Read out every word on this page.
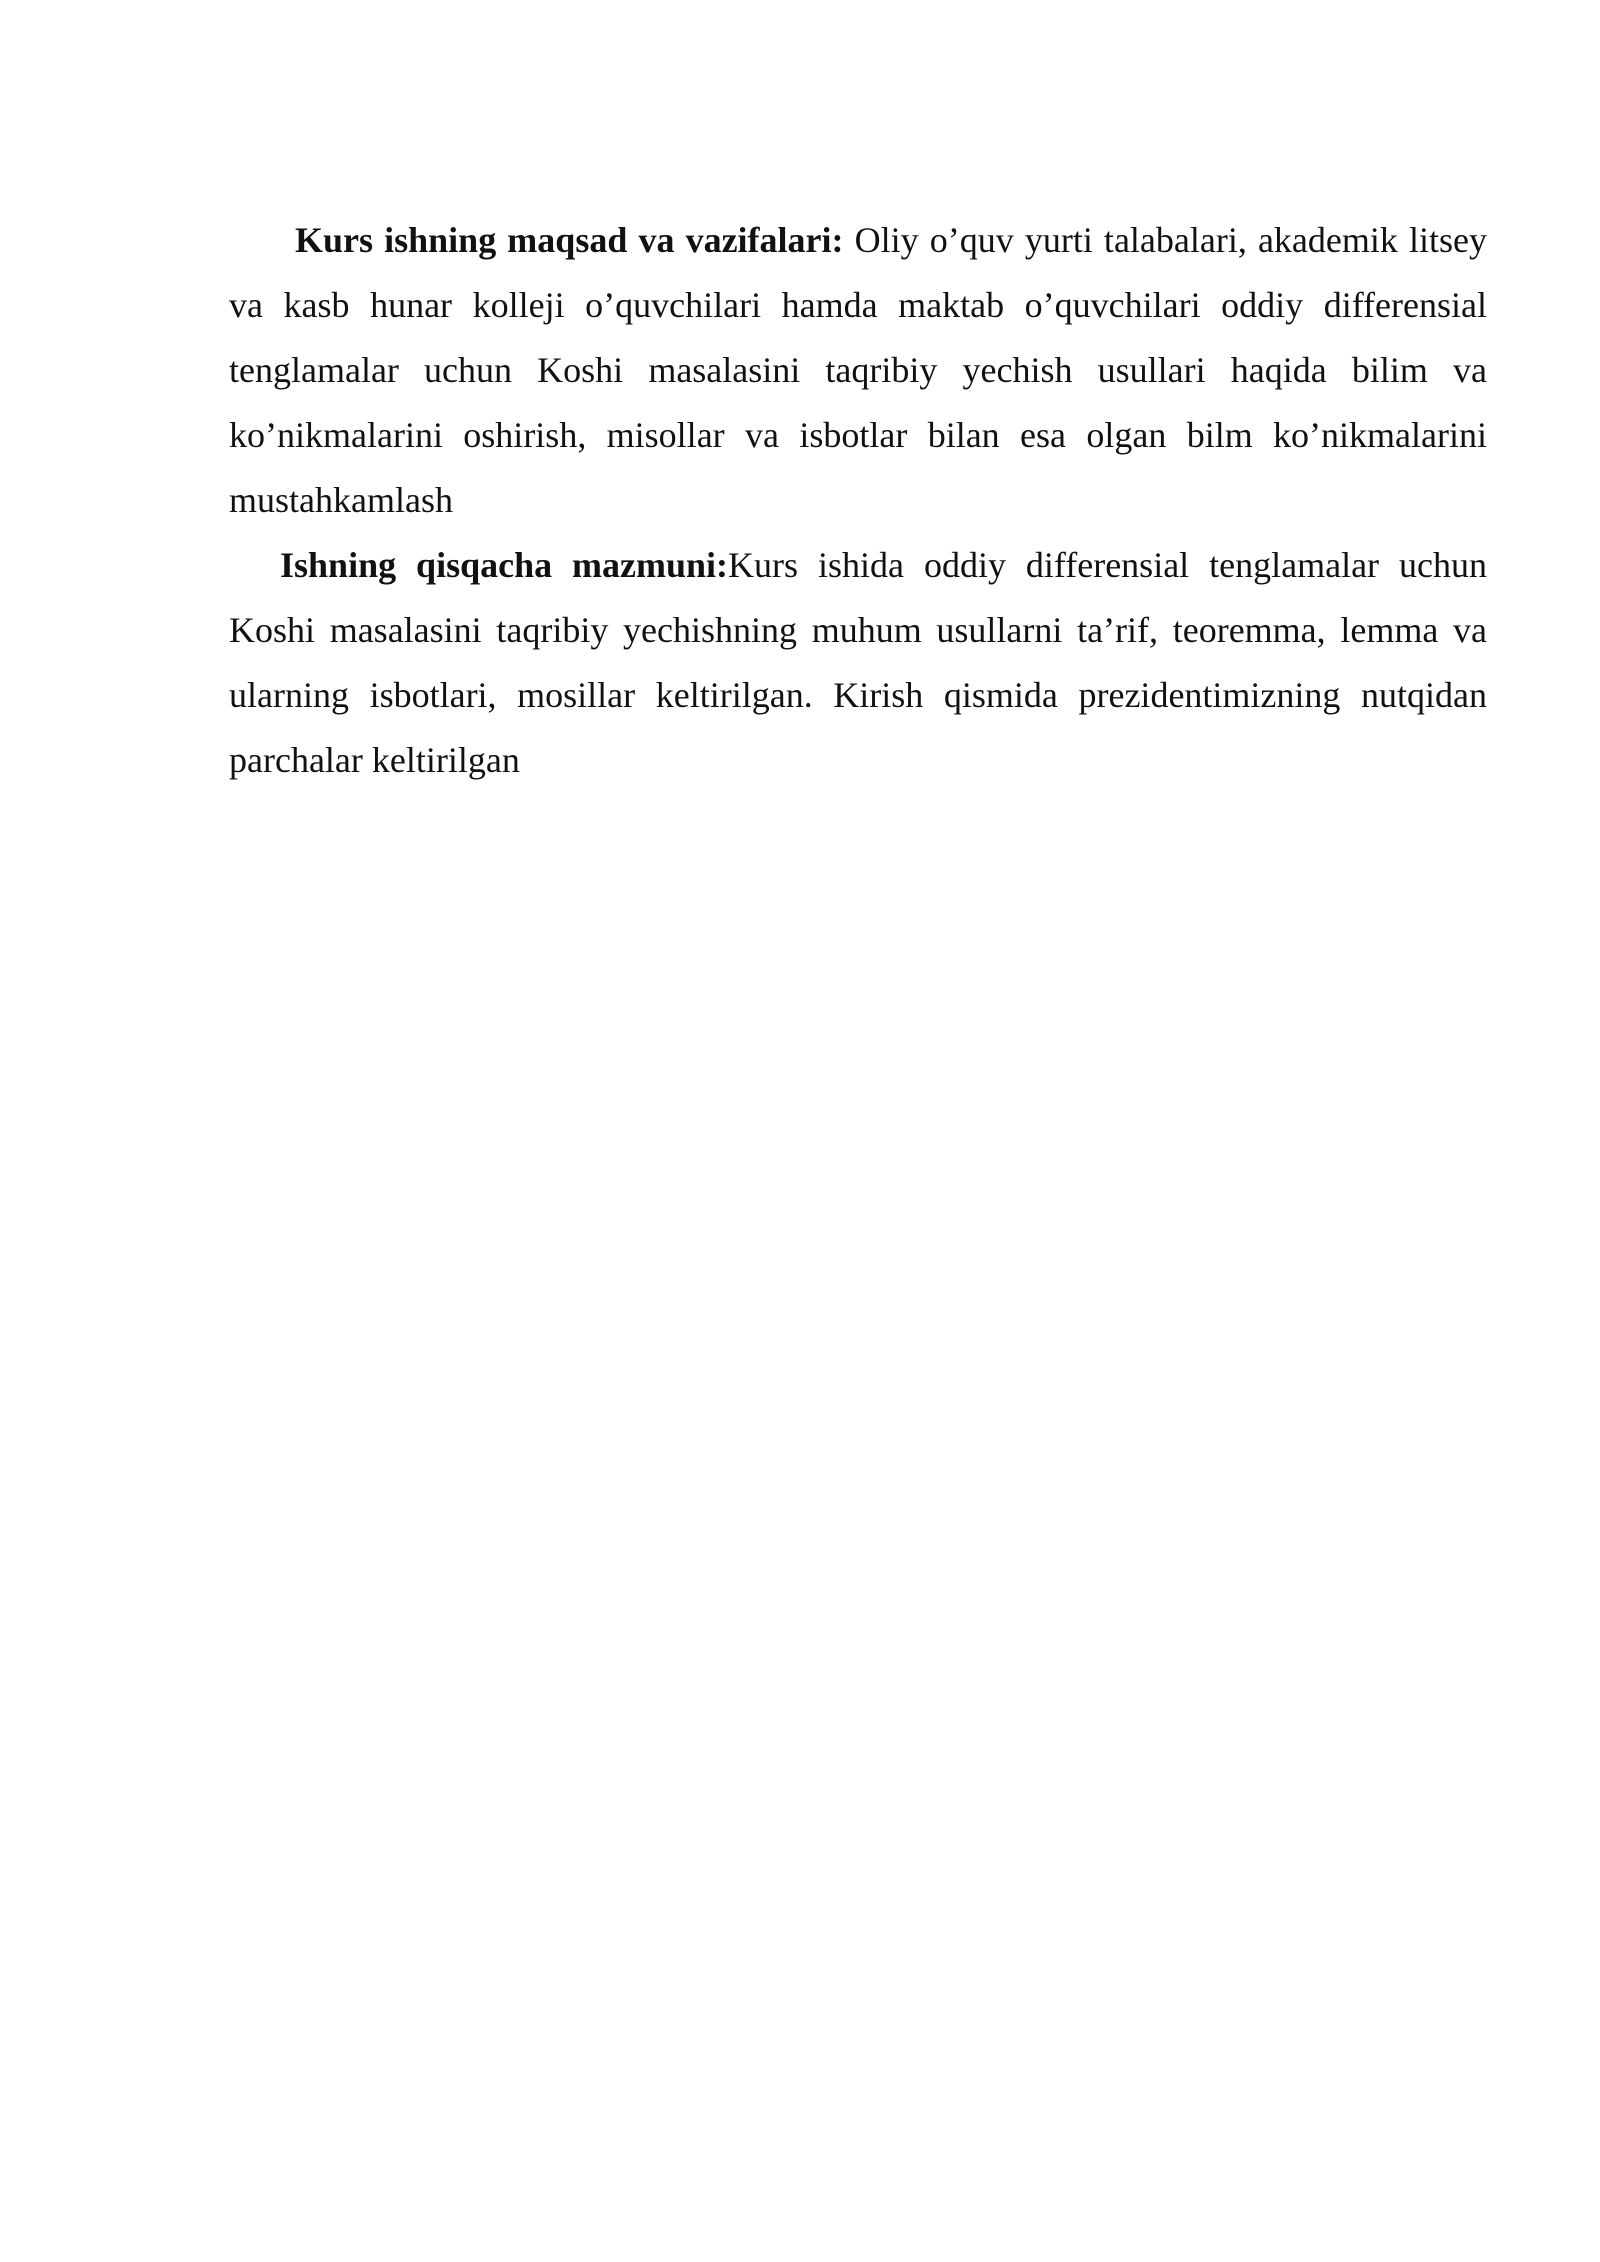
Kurs ishning maqsad va vazifalari: Oliy o’quv yurti talabalari, akademik litsey va kasb hunar kolleji o’quvchilari hamda maktab o’quvchilari oddiy differensial tenglamalar uchun Koshi masalasini taqribiy yechish usullari haqida bilim va ko’nikmalarini oshirish, misollar va isbotlar bilan esa olgan bilm ko’nikmalarini mustahkamlash

Ishning qisqacha mazmuni:Kurs ishida oddiy differensial tenglamalar uchun Koshi masalasini taqribiy yechishning muhum usullarni ta’rif, teoremma, lemma va ularning isbotlari, mosillar keltirilgan. Kirish qismida prezidentimizning nutqidan parchalar keltirilgan
